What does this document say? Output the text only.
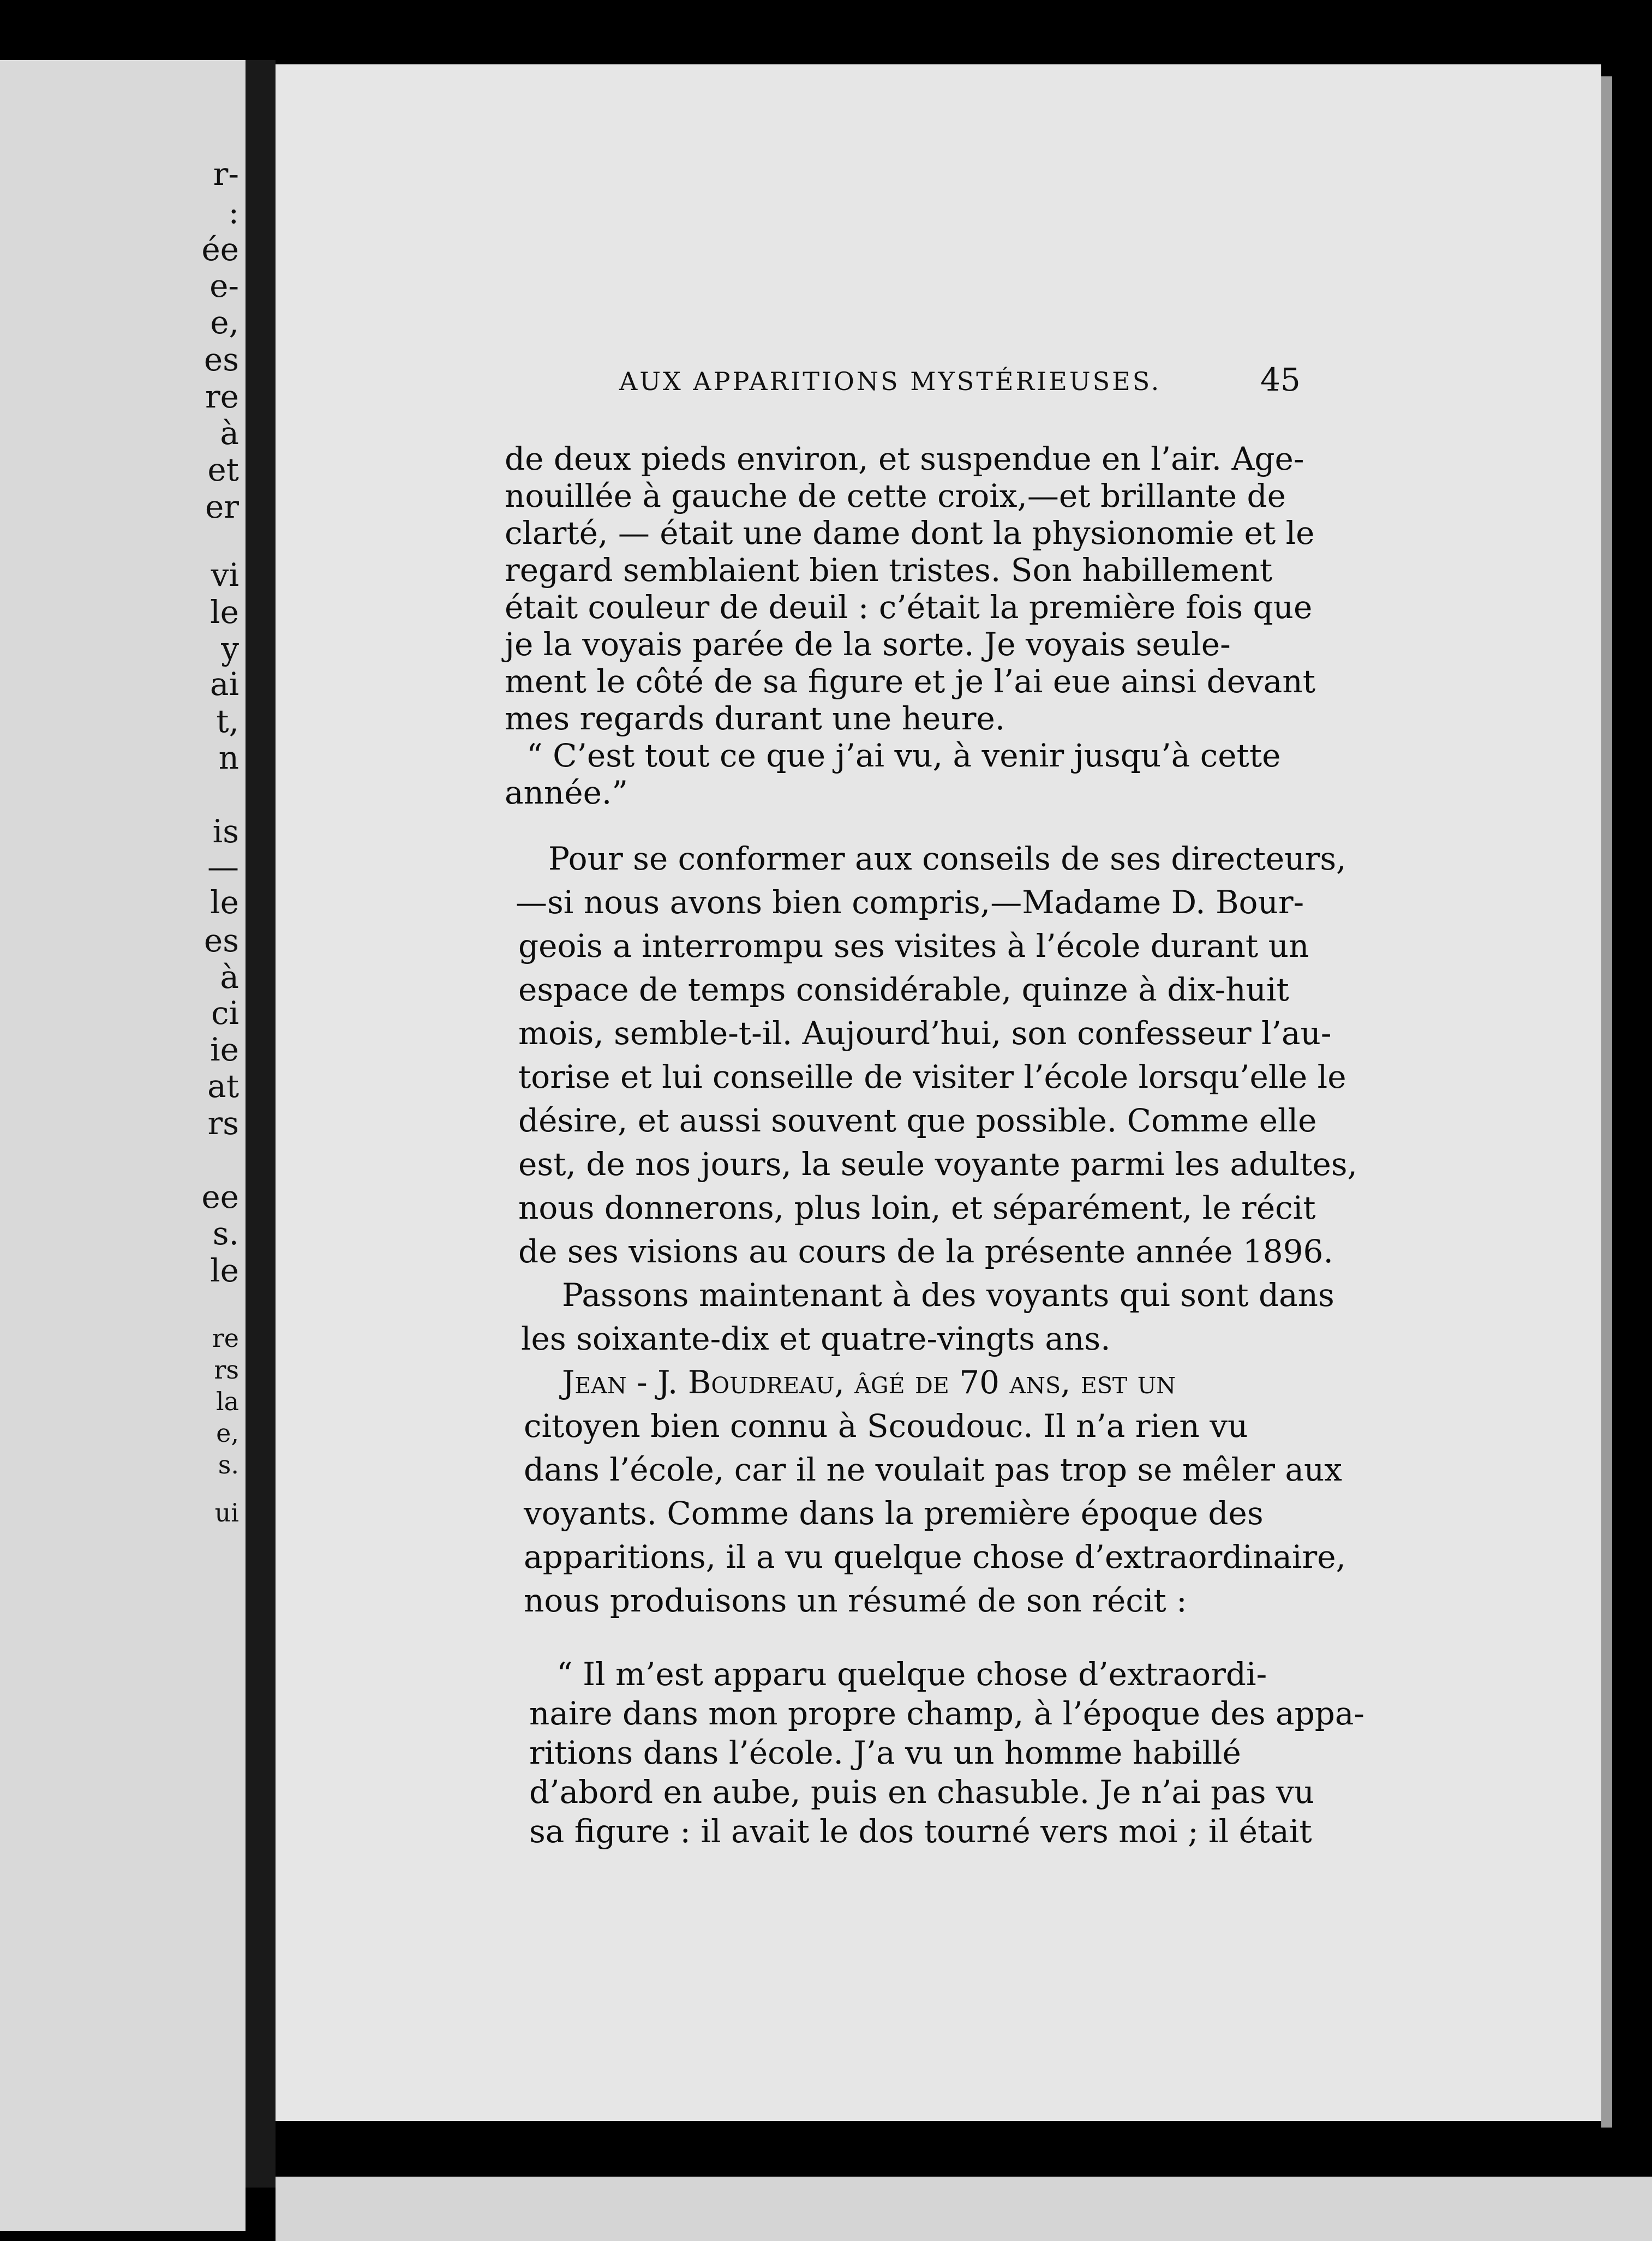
r-
:
ée
e-
e,
es
re
à
et
er
vi
le
y
ai
t,
n
is
—
le
es
à
ci
ie
at
rs
ee
s.
le
re
rs
la
e,
s.
ui
AUX APPARITIONS MYSTÉRIEUSES.	45
de deux pieds environ, et suspendue en l’air. Age-
nouillée à gauche de cette croix,—et brillante de
clarté, — était une dame dont la physionomie et le
regard semblaient bien tristes. Son habillement
était couleur de deuil : c’était la première fois que
je la voyais parée de la sorte. Je voyais seule-
ment le côté de sa figure et je l’ai eue ainsi devant
mes regards durant une heure.
“ C’est tout ce que j’ai vu, à venir jusqu’à cette
année.”
Pour se conformer aux conseils de ses directeurs,
—si nous avons bien compris,—Madame D. Bour-
geois a interrompu ses visites à l’école durant un
espace de temps considérable, quinze à dix-huit
mois, semble-t-il. Aujourd’hui, son confesseur l’au-
torise et lui conseille de visiter l’école lorsqu’elle le
désire, et aussi souvent que possible. Comme elle
est, de nos jours, la seule voyante parmi les adultes,
nous donnerons, plus loin, et séparément, le récit
de ses visions au cours de la présente année 1896.
Passons maintenant à des voyants qui sont dans
les soixante-dix et quatre-vingts ans.
Jean - J. Boudreau, âgé de 70 ans, est un
citoyen bien connu à Scoudouc. Il n’a rien vu
dans l’école, car il ne voulait pas trop se mêler aux
voyants. Comme dans la première époque des
apparitions, il a vu quelque chose d’extraordinaire,
nous produisons un résumé de son récit :
“ Il m’est apparu quelque chose d’extraordi-
naire dans mon propre champ, à l’époque des appa-
ritions dans l’école. J’a vu un homme habillé
d’abord en aube, puis en chasuble. Je n’ai pas vu
sa figure : il avait le dos tourné vers moi ; il était
